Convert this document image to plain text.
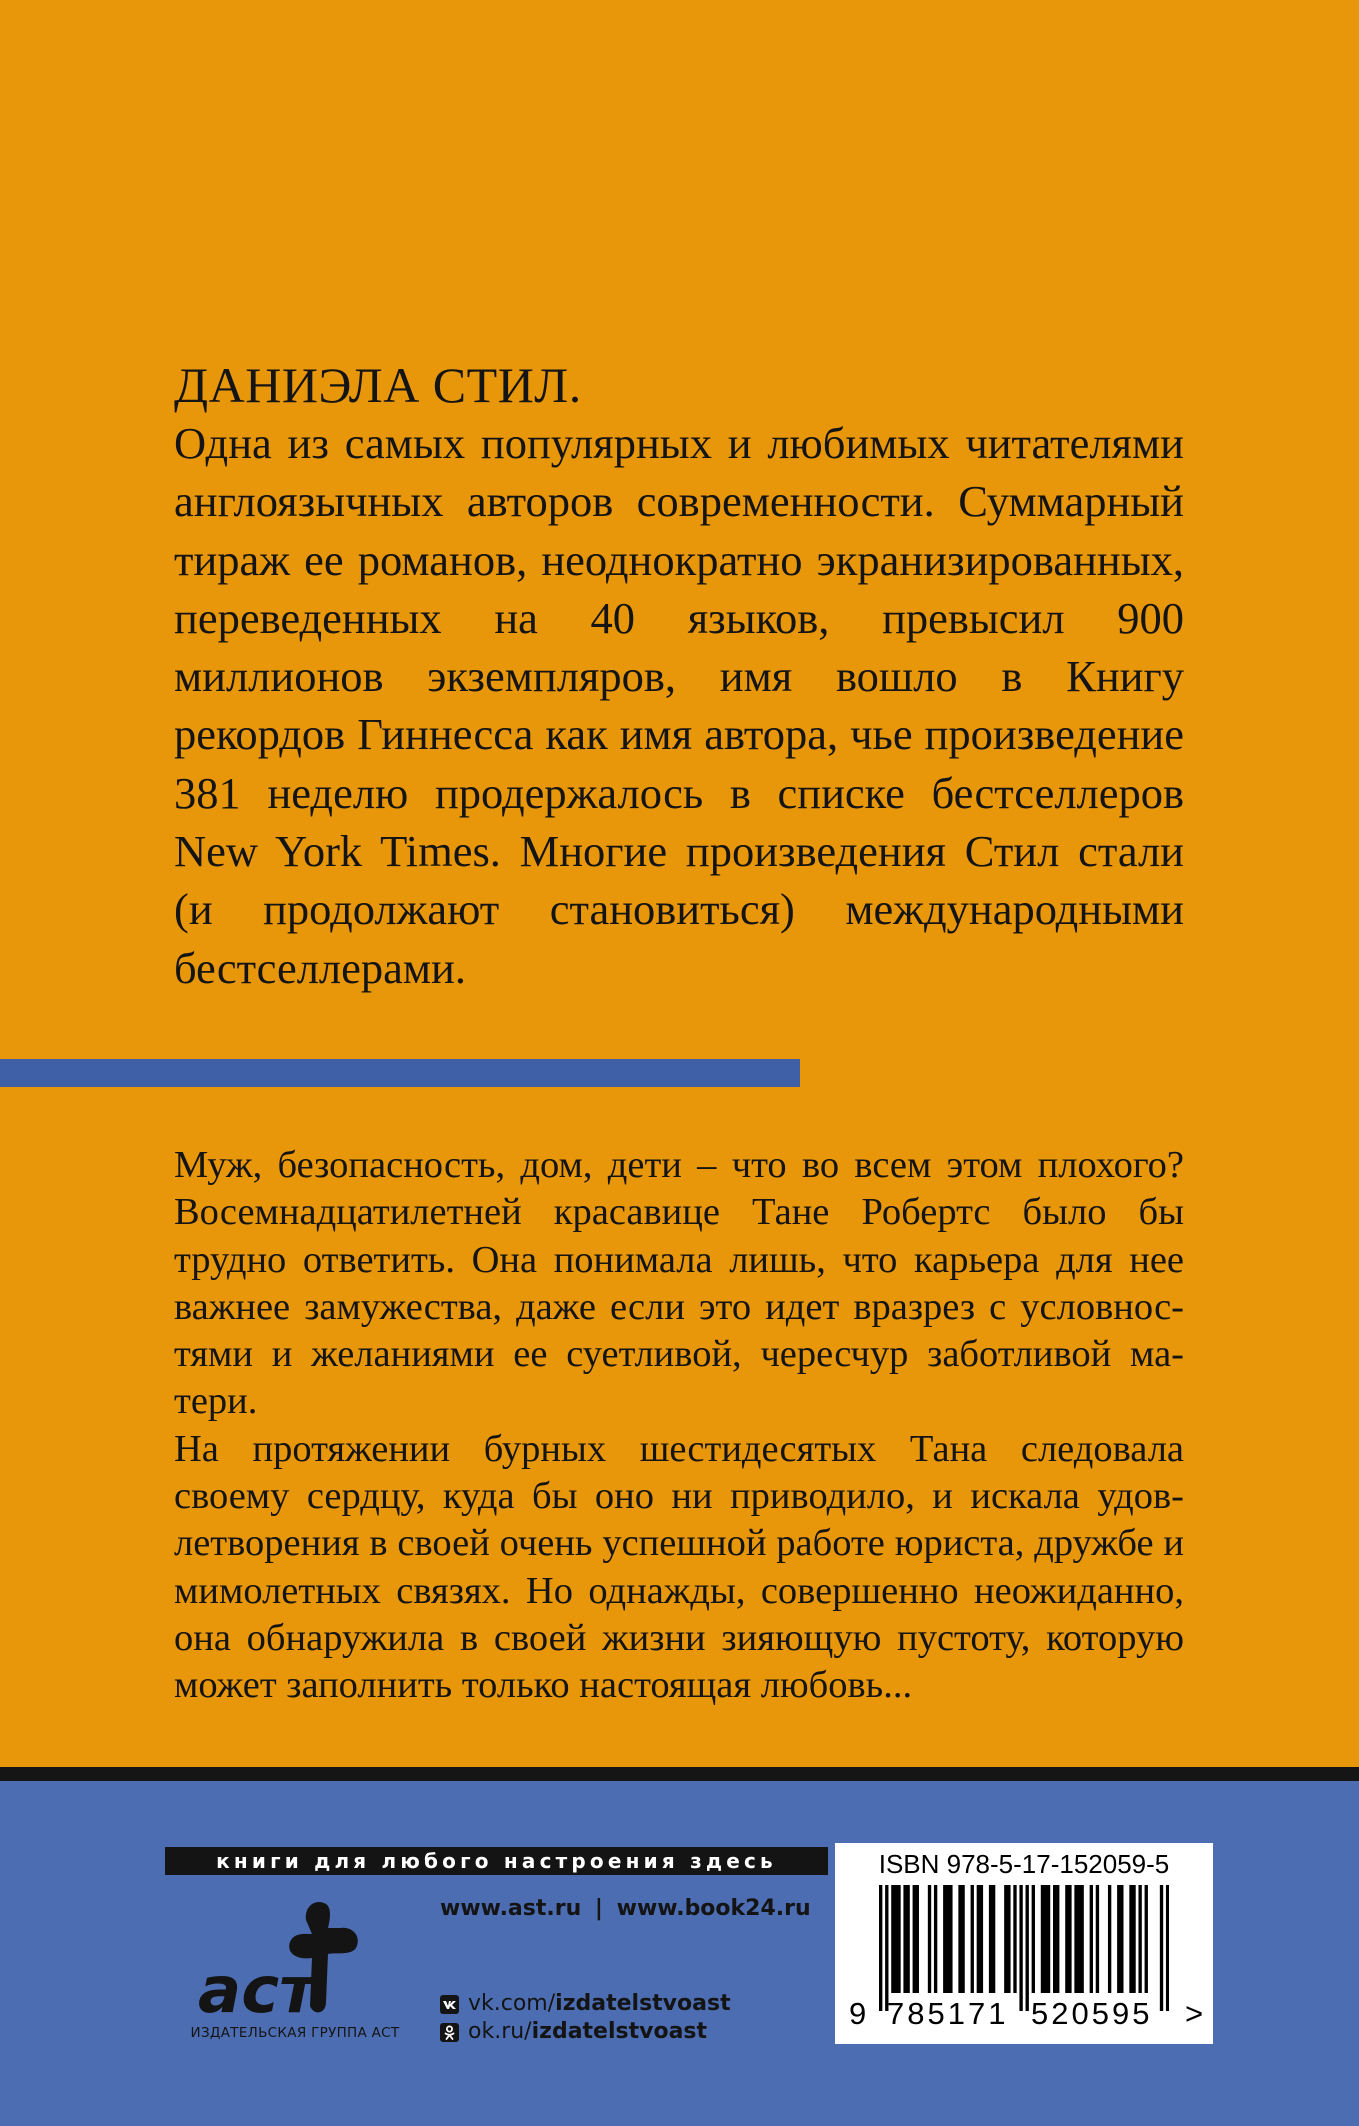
ДАНИЭЛА СТИЛ.

Одна из самых популярных и любимых читателями англоязычных авторов современности. Суммарный тираж ее романов, неоднократно экранизированных, переведенных на 40 языков, превысил 900 миллионов экземпляров, имя вошло в Книгу рекордов Гиннесса как имя автора, чье произведение 381 неделю продержалось в списке бестселлеров New York Times. Многие произведения Стил стали (и продолжают становиться) международными бестселлерами.

Муж, безопасность, дом, дети – что во всем этом плохого? Восемнадцатилетней красавице Тане Робертс было бы трудно ответить. Она понимала лишь, что карьера для нее важнее замужества, даже если это идет вразрез с условностями и желаниями ее суетливой, чересчур заботливой матери.

На протяжении бурных шестидесятых Тана следовала своему сердцу, куда бы оно ни приводило, и искала удовлетворения в своей очень успешной работе юриста, дружбе и мимолетных связях. Но однажды, совершенно неожиданно, она обнаружила в своей жизни зияющую пустоту, которую может заполнить только настоящая любовь...

книги для любого настроения здесь
аст
ИЗДАТЕЛЬСКАЯ ГРУППА АСТ
www.ast.ru | www.book24.ru
vk.com/ izdatelstvoast
ok.ru/ izdatelstvoast
ISBN 978-5-17-152059-5
9 785171 520595 >
